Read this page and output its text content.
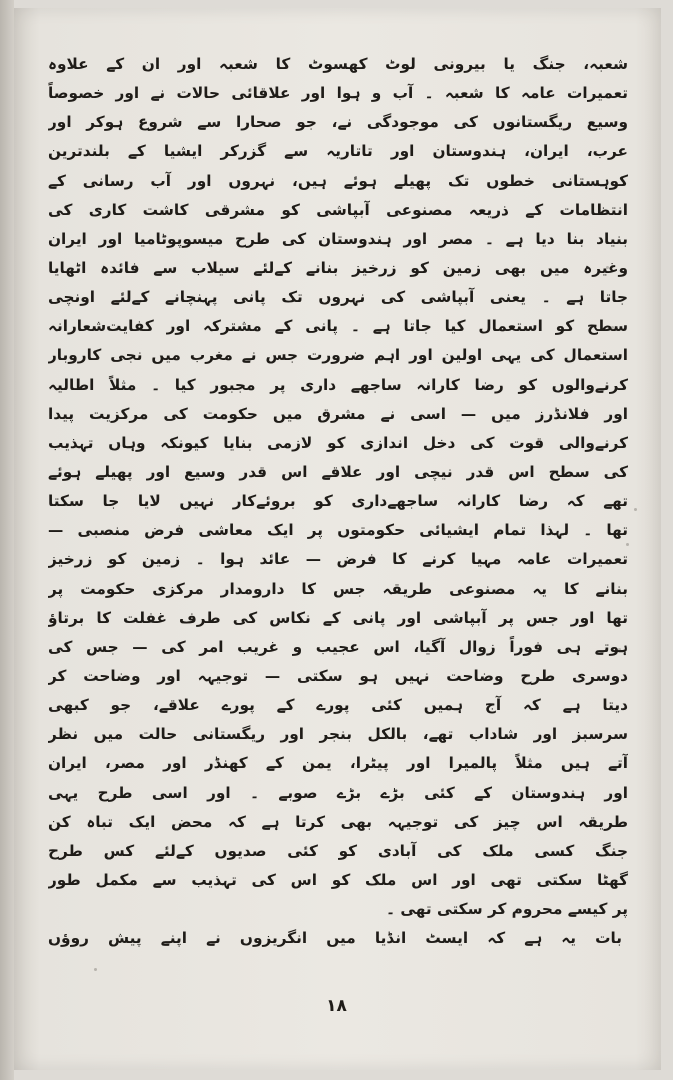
شعبہ، جنگ یا بیرونی لوٹ کھسوٹ کا شعبہ اور ان کے علاوہ
تعمیرات عامہ کا شعبہ ۔ آب و ہوا اور علاقائی حالات نے اور خصوصاً
وسیع ریگستانوں کی موجودگی نے، جو صحارا سے شروع ہوکر اور
عرب، ایران، ہندوستان اور تاتاریہ سے گزرکر ایشیا کے بلندترین
کوہستانی خطوں تک پھیلے ہوئے ہیں، نہروں اور آب رسانی کے
انتظامات کے ذریعہ مصنوعی آبپاشی کو مشرقی کاشت کاری کی
بنیاد بنا دیا ہے ۔ مصر اور ہندوستان کی طرح میسوپوٹامیا اور ایران
وغیرہ میں بھی زمین کو زرخیز بنانے کےلئے سیلاب سے فائدہ اٹھایا
جاتا ہے ۔ یعنی آبپاشی کی نہروں تک پانی پہنچانے کےلئے اونچی
سطح کو استعمال کیا جاتا ہے ۔ پانی کے مشترکہ اور کفایت‌شعارانہ
استعمال کی یہی اولین اور اہم ضرورت جس نے مغرب میں نجی کاروبار
کرنےوالوں کو رضا کارانہ ساجھے داری پر مجبور کیا ۔ مثلاً اطالیہ
اور فلانڈرز میں — اسی نے مشرق میں حکومت کی مرکزیت پیدا
کرنےوالی قوت کی دخل اندازی کو لازمی بنایا کیونکہ وہاں تہذیب
کی سطح اس قدر نیچی اور علاقے اس قدر وسیع اور پھیلے ہوئے
تھے کہ رضا کارانہ ساجھےداری کو بروئےکار نہیں لایا جا سکتا
تھا ۔ لہذا تمام ایشیائی حکومتوں پر ایک معاشی فرض منصبی —
تعمیرات عامہ مہیا کرنے کا فرض — عائد ہوا ۔ زمین کو زرخیز
بنانے کا یہ مصنوعی طریقہ جس کا دارومدار مرکزی حکومت پر
تھا اور جس پر آبپاشی اور پانی کے نکاس کی طرف غفلت کا برتاؤ
ہوتے ہی فوراً زوال آگیا، اس عجیب و غریب امر کی — جس کی
دوسری طرح وضاحت نہیں ہو سکتی — توجیہہ اور وضاحت کر
دیتا ہے کہ آج ہمیں کئی پورے کے پورے علاقے، جو کبھی
سرسبز اور شاداب تھے، بالکل بنجر اور ریگستانی حالت میں نظر
آتے ہیں مثلاً پالمیرا اور پیٹرا، یمن کے کھنڈر اور مصر، ایران
اور ہندوستان کے کئی بڑے بڑے صوبے ۔ اور اسی طرح یہی
طریقہ اس چیز کی توجیہہ بھی کرتا ہے کہ محض ایک تباہ کن
جنگ کسی ملک کی آبادی کو کئی صدیوں کےلئے کس طرح
گھٹا سکتی تھی اور اس ملک کو اس کی تہذیب سے مکمل طور
پر کیسے محروم کر سکتی تھی ۔
بات یہ ہے کہ ایسٹ انڈیا میں انگریزوں نے اپنے پیش رو‌ؤں
۱۸
